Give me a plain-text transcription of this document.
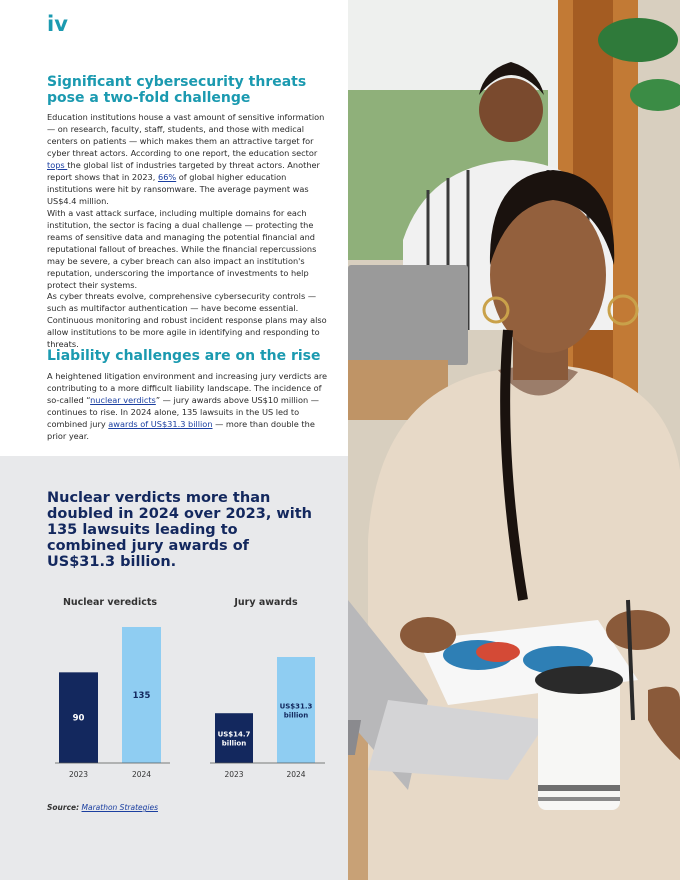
iv
Significant cybersecurity threats pose a two-fold challenge
Education institutions house a vast amount of sensitive information — on research, faculty, staff, students, and those with medical centers on patients — which makes them an attractive target for cyber threat actors. According to one report, the education sector tops the global list of industries targeted by threat actors. Another report shows that in 2023, 66% of global higher education institutions were hit by ransomware. The average payment was US$4.4 million.
With a vast attack surface, including multiple domains for each institution, the sector is facing a dual challenge — protecting the reams of sensitive data and managing the potential financial and reputational fallout of breaches. While the financial repercussions may be severe, a cyber breach can also impact an institution's reputation, underscoring the importance of investments to help protect their systems.
As cyber threats evolve, comprehensive cybersecurity controls — such as multifactor authentication — have become essential. Continuous monitoring and robust incident response plans may also allow institutions to be more agile in identifying and responding to threats.
Liability challenges are on the rise
A heightened litigation environment and increasing jury verdicts are contributing to a more difficult liability landscape. The incidence of so-called “nuclear verdicts” — jury awards above US$10 million — continues to rise. In 2024 alone, 135 lawsuits in the US led to combined jury awards of US$31.3 billion — more than double the prior year.
Nuclear verdicts more than doubled in 2024 over 2023, with 135 lawsuits leading to combined jury awards of US$31.3 billion.
Nuclear veredicts	Jury awards
90
2023
135
2024
US$14.7
billion
2023
US$31.3
billion
2024
Source: Marathon Strategies
